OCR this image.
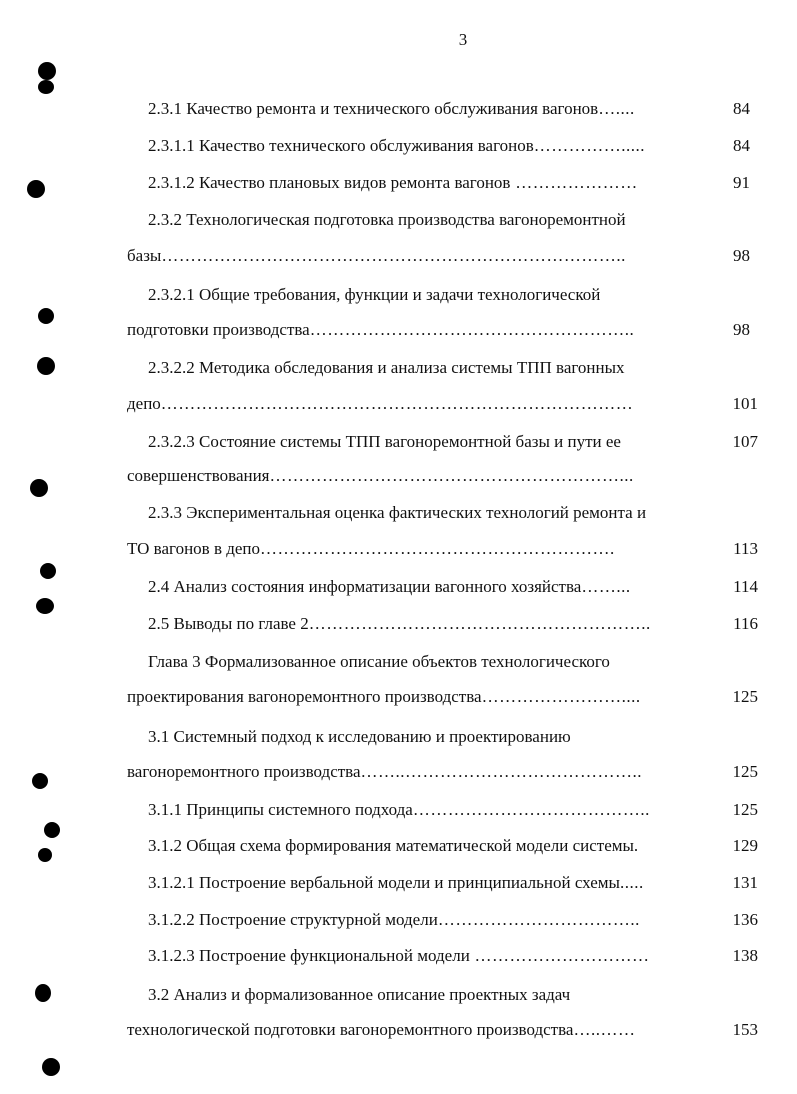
3
2.3.1 Качество ремонта и технического обслуживания вагонов…....	84
2.3.1.1 Качество технического обслуживания вагонов…………….....	84
2.3.1.2 Качество плановых видов ремонта вагонов …………………	91
2.3.2 Технологическая подготовка производства вагоноремонтной
базы……………………………………………………………………..	98
2.3.2.1 Общие требования, функции и задачи технологической
подготовки производства………………………………………………..	98
2.3.2.2 Методика обследования и анализа системы ТПП вагонных
депо………………………………………………………………………	101
2.3.2.3 Состояние системы ТПП вагоноремонтной базы и пути ее	107
совершенствования……………………………………………………...
2.3.3 Экспериментальная оценка фактических технологий ремонта и
ТО вагонов в депо…………………………………………………….	113
2.4 Анализ состояния информатизации вагонного хозяйства……...	114
2.5 Выводы по главе 2…………………………………………………..	116
Глава 3 Формализованное описание объектов технологического
проектирования вагоноремонтного производства……………………....	125
3.1 Системный подход к исследованию и проектированию
вагоноремонтного производства……..…………………………………..	125
3.1.1 Принципы системного подхода…………………………………..	125
3.1.2 Общая схема формирования математической модели системы.	129
3.1.2.1 Построение вербальной модели и принципиальной схемы.....	131
3.1.2.2 Построение структурной модели……………………………..	136
3.1.2.3 Построение функциональной модели …………………………	138
3.2 Анализ и формализованное описание проектных задач
технологической подготовки вагоноремонтного производства…..……	153
